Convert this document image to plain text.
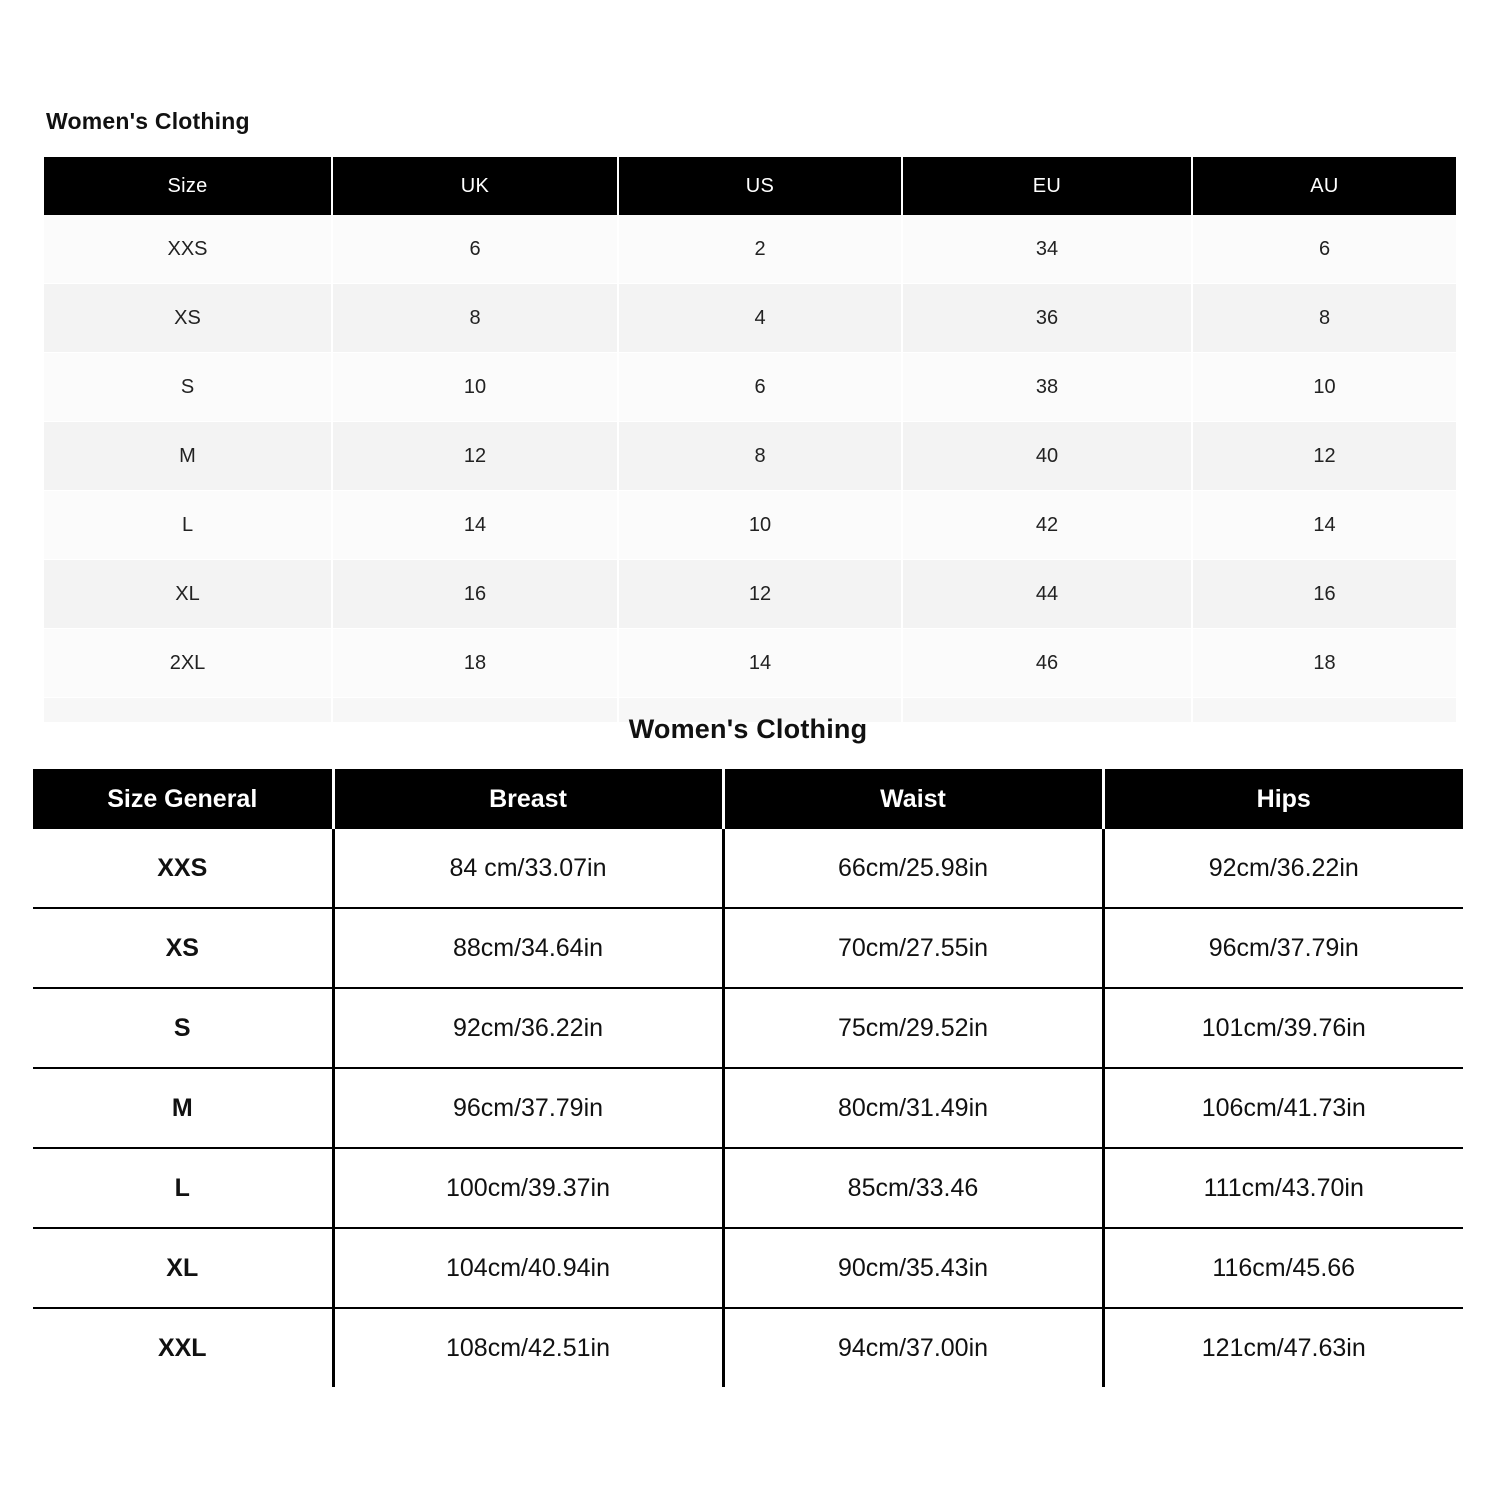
Women's Clothing
Size	UK	US	EU	AU
XXS	6	2	34	6
XS	8	4	36	8
S	10	6	38	10
M	12	8	40	12
L	14	10	42	14
XL	16	12	44	16
2XL	18	14	46	18

Women's Clothing
Size General	Breast	Waist	Hips
XXS	84 cm/33.07in	66cm/25.98in	92cm/36.22in
XS	88cm/34.64in	70cm/27.55in	96cm/37.79in
S	92cm/36.22in	75cm/29.52in	101cm/39.76in
M	96cm/37.79in	80cm/31.49in	106cm/41.73in
L	100cm/39.37in	85cm/33.46	111cm/43.70in
XL	104cm/40.94in	90cm/35.43in	116cm/45.66
XXL	108cm/42.51in	94cm/37.00in	121cm/47.63in
